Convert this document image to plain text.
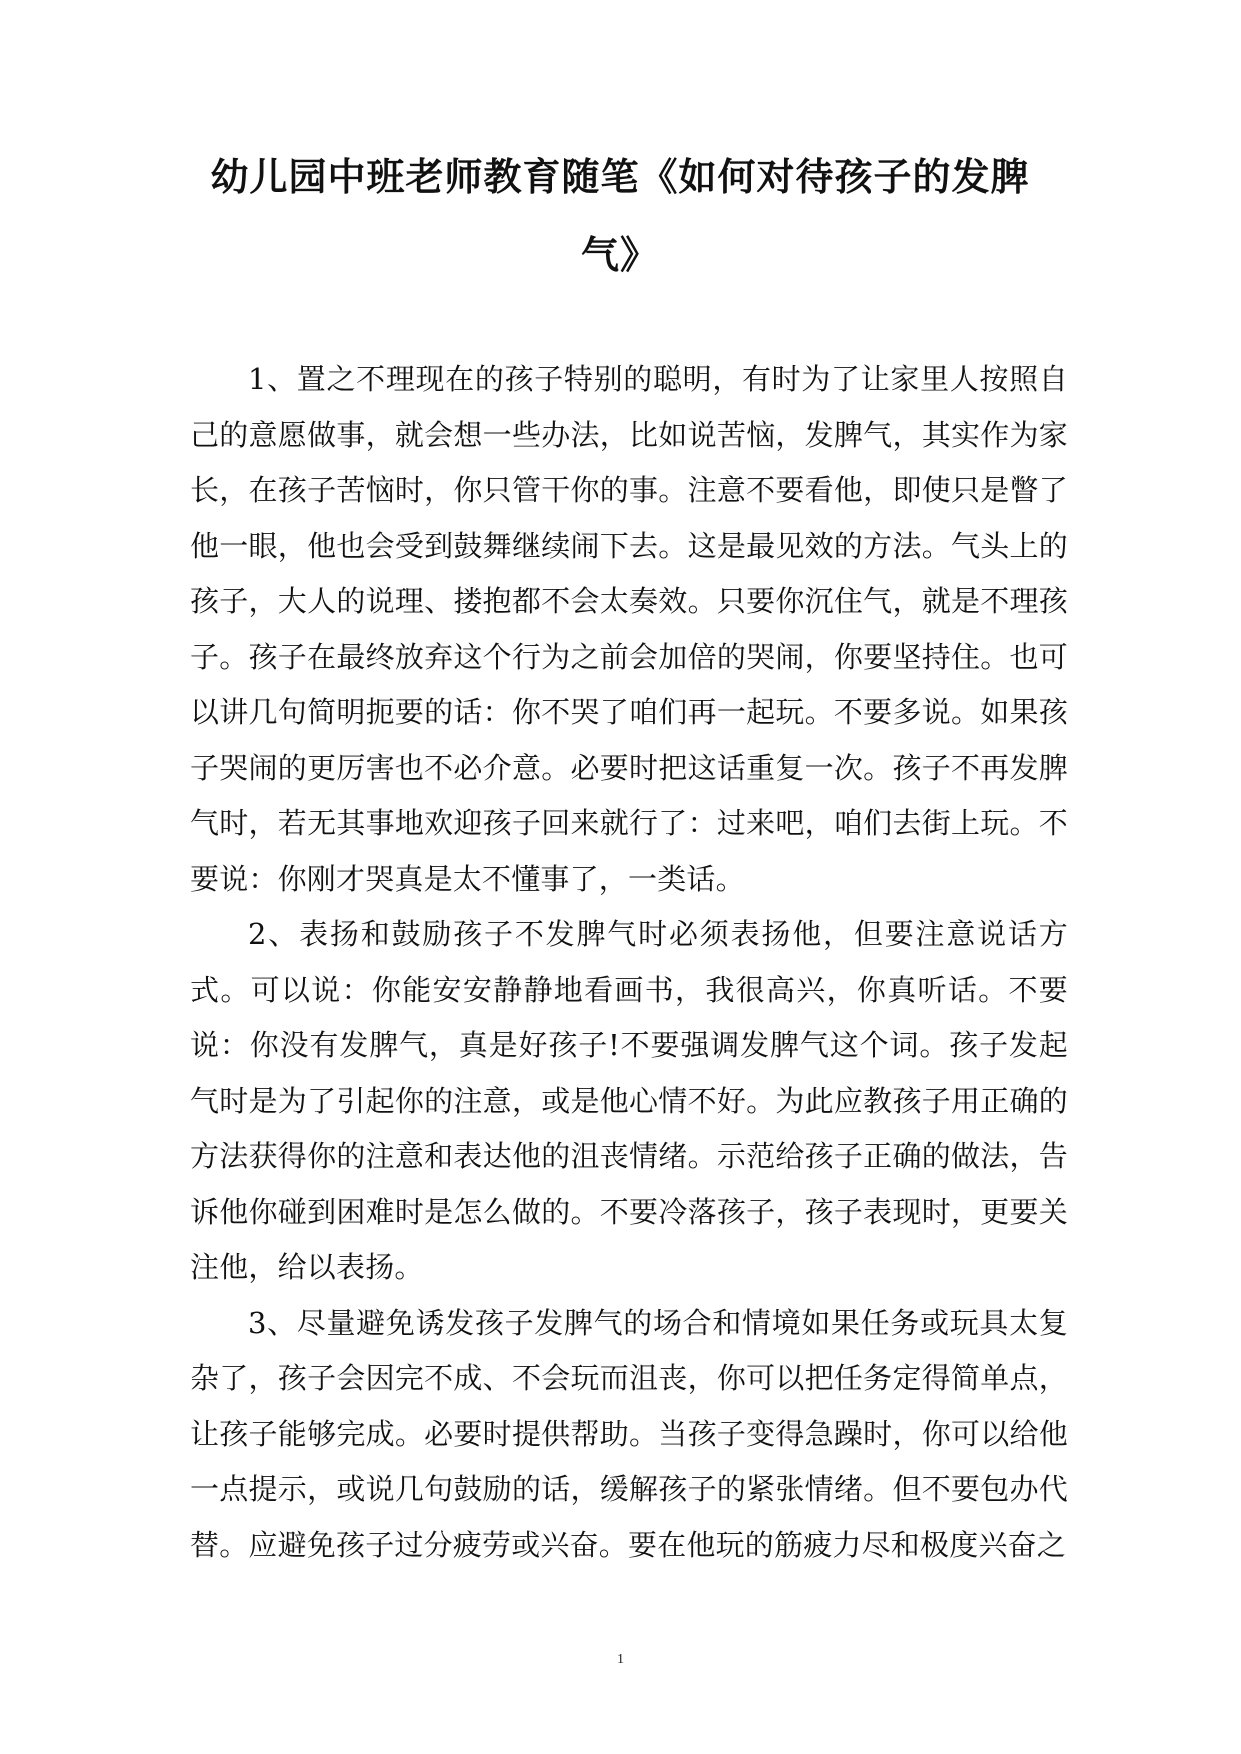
幼儿园中班老师教育随笔《如何对待孩子的发脾
气》

1、置之不理现在的孩子特别的聪明，有时为了让家里人按照自己的意愿做事，就会想一些办法，比如说苦恼，发脾气，其实作为家长，在孩子苦恼时，你只管干你的事。注意不要看他，即使只是瞥了他一眼，他也会受到鼓舞继续闹下去。这是最见效的方法。气头上的孩子，大人的说理、搂抱都不会太奏效。只要你沉住气，就是不理孩子。孩子在最终放弃这个行为之前会加倍的哭闹，你要坚持住。也可以讲几句简明扼要的话：你不哭了咱们再一起玩。不要多说。如果孩子哭闹的更厉害也不必介意。必要时把这话重复一次。孩子不再发脾气时，若无其事地欢迎孩子回来就行了：过来吧，咱们去街上玩。不要说：你刚才哭真是太不懂事了，一类话。

2、表扬和鼓励孩子不发脾气时必须表扬他，但要注意说话方式。可以说：你能安安静静地看画书，我很高兴，你真听话。不要说：你没有发脾气，真是好孩子!不要强调发脾气这个词。孩子发起气时是为了引起你的注意，或是他心情不好。为此应教孩子用正确的方法获得你的注意和表达他的沮丧情绪。示范给孩子正确的做法，告诉他你碰到困难时是怎么做的。不要冷落孩子，孩子表现时，更要关注他，给以表扬。

3、尽量避免诱发孩子发脾气的场合和情境如果任务或玩具太复杂了，孩子会因完不成、不会玩而沮丧，你可以把任务定得简单点，让孩子能够完成。必要时提供帮助。当孩子变得急躁时，你可以给他一点提示，或说几句鼓励的话，缓解孩子的紧张情绪。但不要包办代替。应避免孩子过分疲劳或兴奋。要在他玩的筋疲力尽和极度兴奋之

1
